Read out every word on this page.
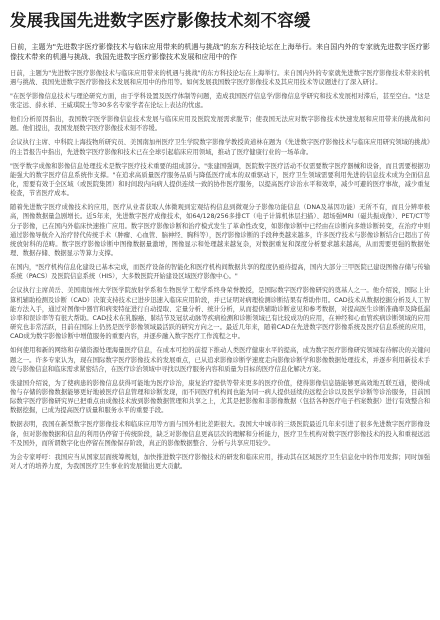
发展我国先进数字医疗影像技术刻不容缓

日前，主题为"先进数字医疗影像技术与临床应用带来的机遇与挑战"的东方科技论坛在上海举行。来自国内外的专家就先进数字医疗影像技术带来的机遇与挑战、我国先进数字医疗影像技术发展和应用中的作

日前，主题为"先进数字医疗影像技术与临床应用带来的机遇与挑战"的东方科技论坛在上海举行。来自国内外的专家就先进数字医疗影像技术带来的机遇与挑战、我国先进数字医疗影像技术发展和应用中的作用等。如何发展我国数字医疗影像技术及其应用技术等议题进行了深入研讨。

"在医学影像信息技术与理论研究方面，由于学科设置及医疗体制等问题，造成我国医疗信息学/影像信息学研究和技术发展相对滞后，甚至空白。"这是张定远、薛永祥、王威琪院士等30多名专家学者在论坛上表达的忧虑。

他们分析原因指出，我国数字医学影像信息技术发展与临床应用及医院发展需求脱节；使我国无法应对数字影像技术快速发展和应用带来的挑战和问题。他们提出，我国发展数字医疗影像技术刻不容缓。

会议执行主席、中科院上海技物所研究员、美国南加州医疗卫生学院数字影像学教授黄道林在题为《先进数字医疗影像技术与临床应用研究领域的挑战》的主旨报告中指出，先进数字医疗影像和技术已在全球引起临床应用领域，推动了医疗健康行业的一场革命。

"医学数字成像和影像信息处理技术是数字医疗技术重要的组成部分。"张建国强调，医院数字医疗活动不仅需要数字医疗器械和设备，而且需要根据功能强大的数字医疗信息系统作支撑。"在追求高质量医疗服务品质与降低医疗成本的双重驱动下，医疗卫生领域需要利用先进的信息技术成为全面信息化，需要有效于全区域（或医院集团）和时间段内向病人提供连续一致的协作医疗服务，以提高医疗诊治水平和效率，减少可避的医疗事故，减少重复检查，节省医疗成本。

随着先进数字医疗成像技术的应用，医疗从业者获取人体微观到宏观结构信息到微观分子影像功能信息（DNA及基因功能）无所不有，而且分辨率极高，图像数据量急剧增长。近5年来，先进数字医疗成像技术，如64/128/256多排CT（电子计算机体层扫描）、超场强MRI（磁共振成像）、PET/CT等分子影像，已在国内外临床快速推广应用。数字医疗影像诊断和治疗模式发生了革命性改变，如影像诊断中已经由在诊断向多维诊断转变，在治疗中则通过影像导航介入治疗替代传统手术（肿瘤、心血管、脑神经、胸科等），医疗影像诊断的手段种类越来越多，许多医疗技术与影像诊断结合已超出了传统放射科的范畴。数字医疗影像诊断中图像数据量激增，图像显示和处理越来越复杂，对数据重复和深度分析要求越来越高，从而需要更强的数据处理、数据存储、数据显示等算力支撑。

在国内，"医疗机构信息化建设已基本完成，而医疗设备的智能化和医疗机构间数据共享的程度仍亟待提高，国内大部分三甲医院已建设图像存储与传输系统（PACS）及医院信息系统（HIS），大多数医院开始建设区域医疗影像中心。"

会议执行主席黄岳、美国南加州大学医学院放射学系和生物医学工程学系终身荣誉教授，是国际数字医疗影像研究的奠基人之一。他介绍说，国际上计算机辅助检测及诊断（CAD）决策支持技术已进步迅速入临床应用阶段，并已证明对病理检测诊断结果有帮助作用。CAD技术从数据挖掘分析及人工智能方法入手，通过对图像中器官和病变特征进行自动提取、定量分析、统计分析，从而提供辅助诊断意见和参考数据，对提高医生诊断准确率及降低漏诊率和误诊率等有很大帮助。CAD技术在乳腺癌、肺结节及冠状动脉等疾病检测和诊断领域已有比较成功的应用，在神经和心血管疾病诊断领域的应用研究也非常活跃，目前在国际上仍然是医学影像领域最活跃的研究方向之一。最近几年来，随着CAD在先进数字医疗影像系统及医疗信息系统的应用，CAD成为数字影像诊断中增值服务的重要内容，并逐步融入数字医疗工作流程之中。

如何使用和新的网络和存储资源处理海量医疗信息，在成本可控的前提下推动人类医疗健康水平的提高，成为数字医疗影像研究领域有待解决的关键问题之一。许多专家认为，现在国际数字医疗影像技术的发展重点，已从追求影像诊断学速度走向影像诊断学和影像数据处理技术，并逐步利用新技术手段与影像信息和临床需求紧密结合，在医疗诊治领域中寻找以医疗服务内容和质量为目标的医疗信息化解决方案。

张建国介绍说，为了使病患的影像信息获得可能地为医疗诊治，康复治疗提供等带来更多的医疗价值，使得影像信息链能够更高效地互联互通，使得成像与存储的影像数据能够更好地被医疗信息管理和诊断发现，而不同医疗机构间也能为同一病人提供延续的远程会诊以及医学诊断等诊治服务，目前国际数字医疗影像研究界已把重点由成像技术放到影像数据管理和共享之上，尤其是把影像和非影像数据（包括各种医疗电子档案数据）进行有效整合和数据挖掘，已成为提高医疗质量和服务水平的重要手段。

数据表明，我国在新型数字医疗影像技术和临床应用等方面与国外相比差距很大。我国大中城市的三级医院最近几年来引进了很多先进数字医疗影像设备，但对影像数据和信息的利用仍停留于传统阶段，缺乏对影像信息更高层次的理解和分析能力，医疗卫生机构对数字医疗影像技术的投入和重视远远不及国外，而所谓数字化也停留在图像保存阶段，真正的影像数据整合、分析与共享应用较少。

为会专家呼吁：我国应当从国家层面统筹规划，加快推进数字医疗影像技术的研发和临床应用，推动其在区域医疗卫生信息化中的作用发挥；同时加强对人才的培养力度，为我国医疗卫生事业的发展做出更大贡献。
